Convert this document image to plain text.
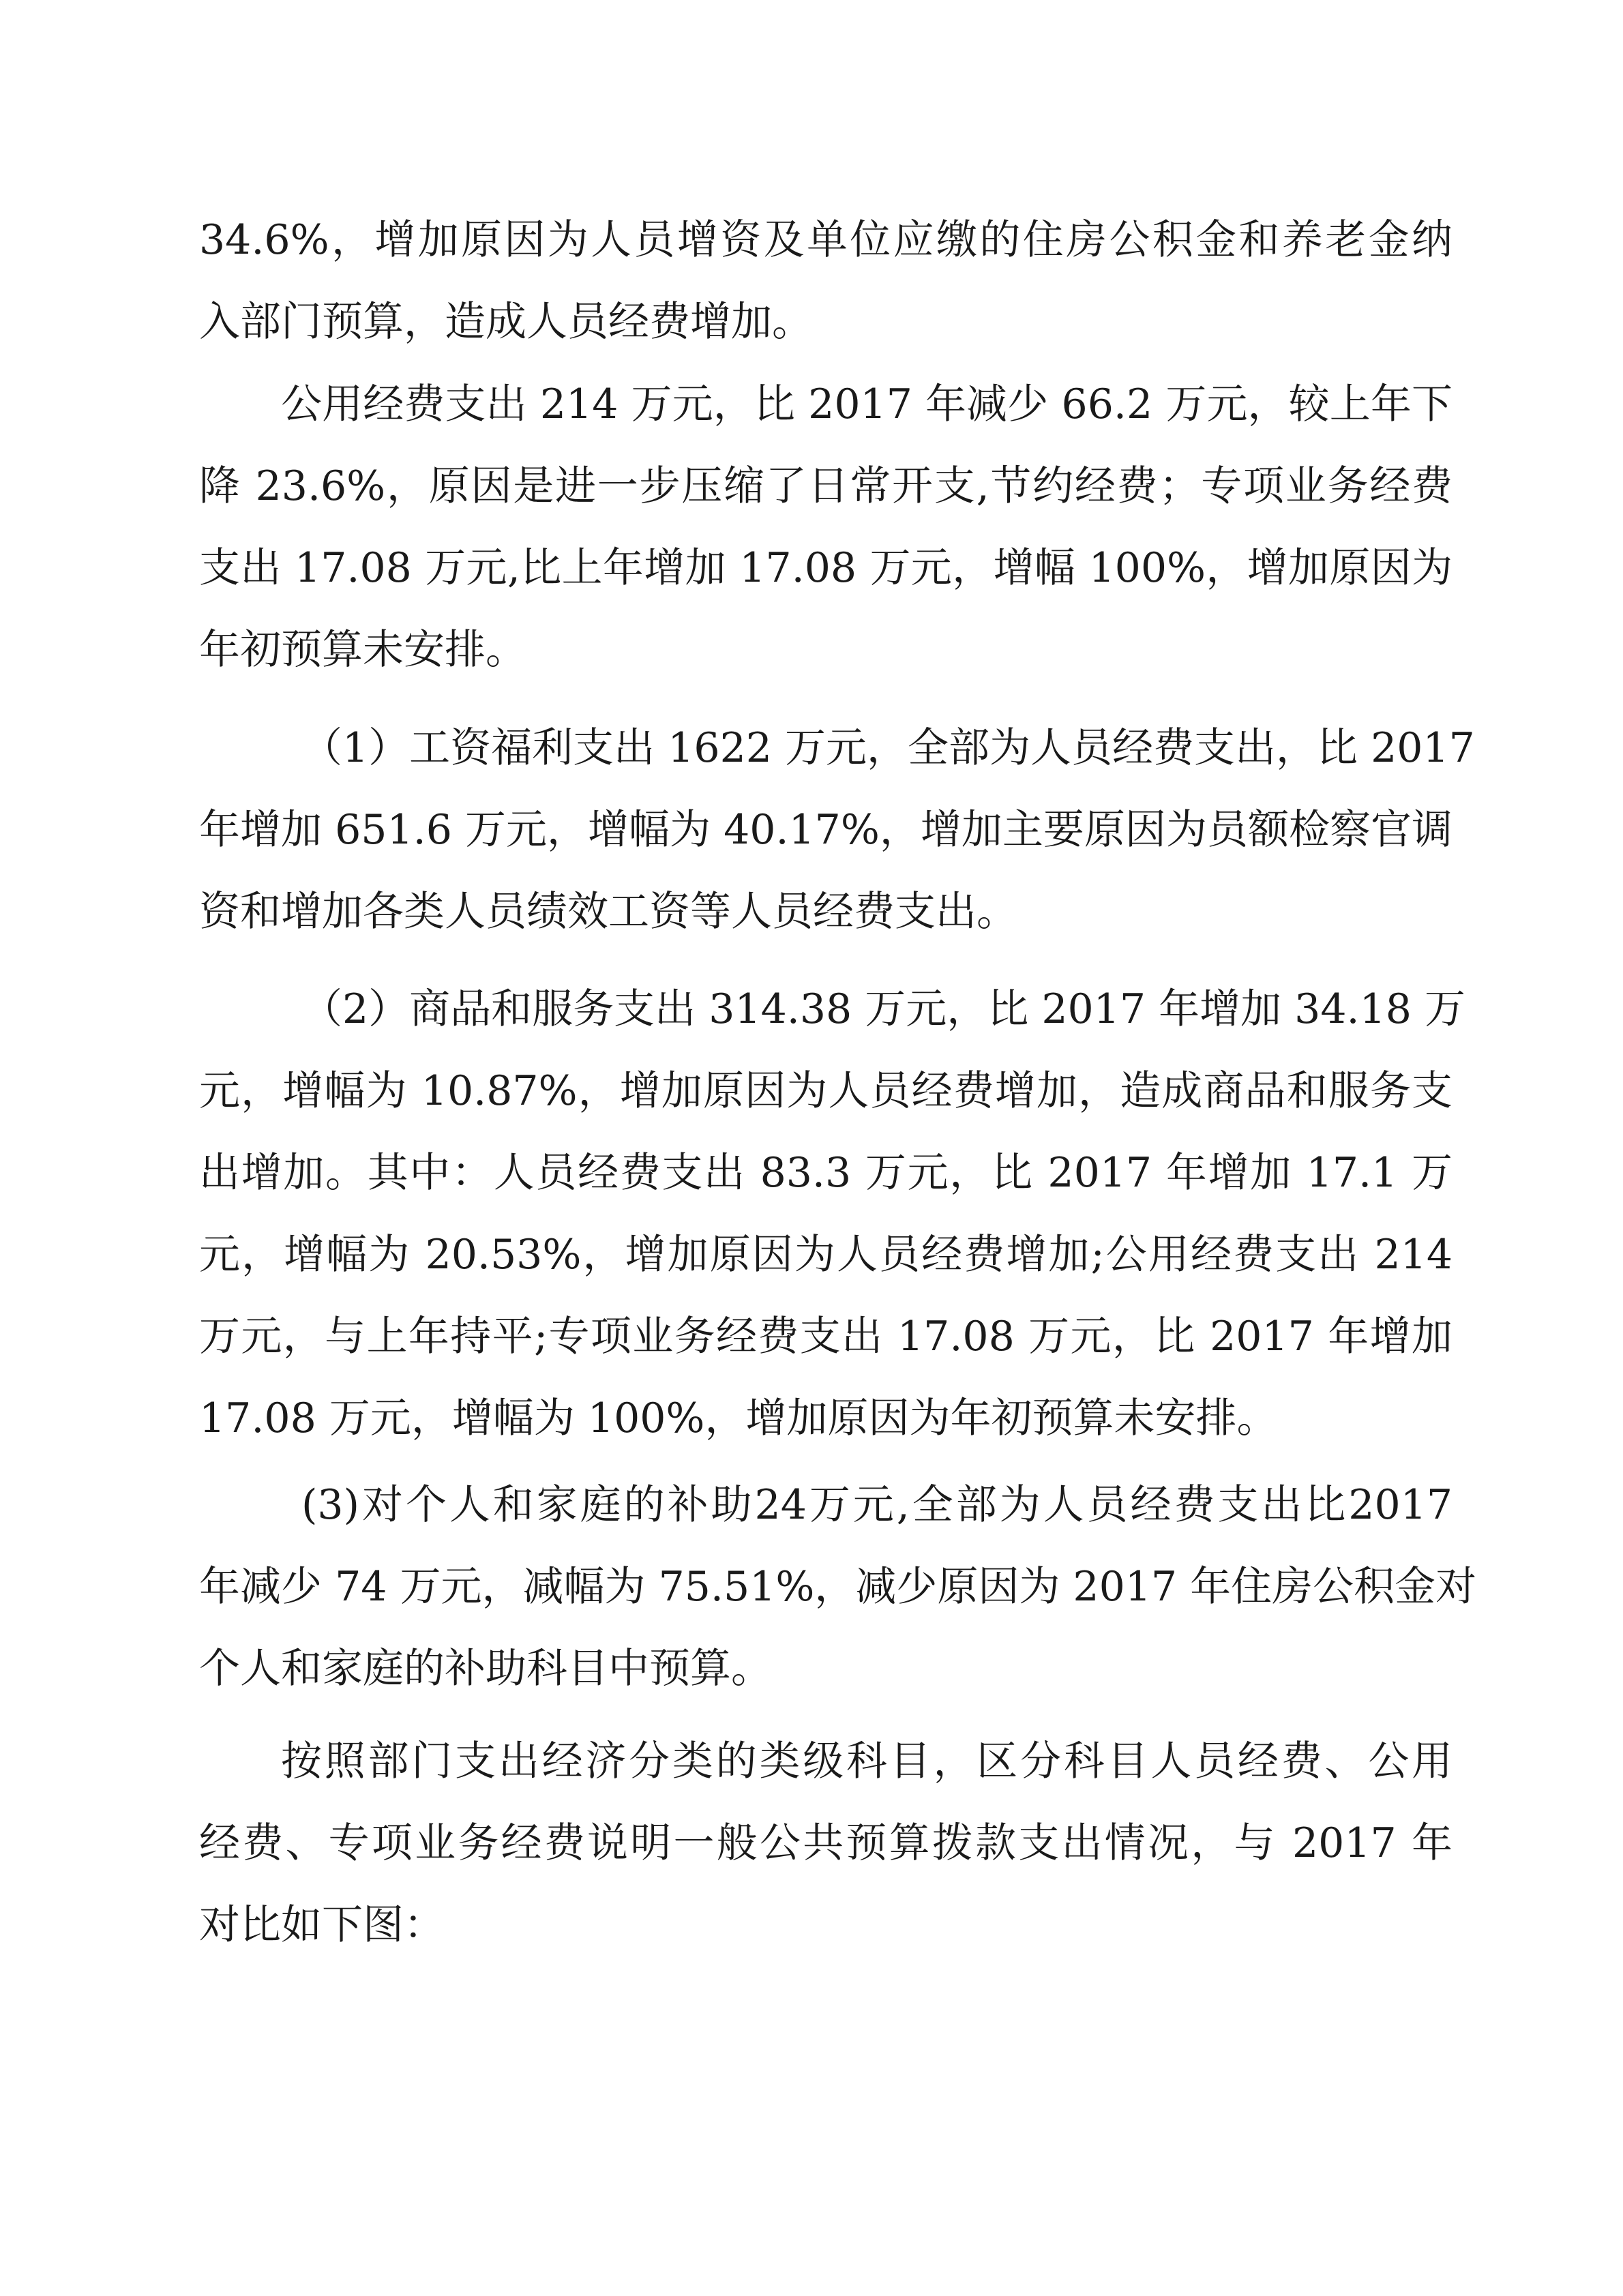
34.6%，增加原因为人员增资及单位应缴的住房公积金和养老金纳
入部门预算，造成人员经费增加。
公用经费支出 214 万元，比 2017 年减少 66.2 万元，较上年下
降 23.6%，原因是进一步压缩了日常开支,节约经费；专项业务经费
支出 17.08 万元,比上年增加 17.08 万元，增幅 100%，增加原因为
年初预算未安排。
（1）工资福利支出 1622 万元，全部为人员经费支出，比 2017
年增加 651.6 万元，增幅为 40.17%，增加主要原因为员额检察官调
资和增加各类人员绩效工资等人员经费支出。
（2）商品和服务支出 314.38 万元，比 2017 年增加 34.18 万
元，增幅为 10.87%，增加原因为人员经费增加，造成商品和服务支
出增加。其中：人员经费支出 83.3 万元，比 2017 年增加 17.1 万
元，增幅为 20.53%，增加原因为人员经费增加;公用经费支出 214
万元，与上年持平;专项业务经费支出 17.08 万元，比 2017 年增加
17.08 万元，增幅为 100%，增加原因为年初预算未安排。
(3)对个人和家庭的补助24万元,全部为人员经费支出比2017
年减少 74 万元，减幅为 75.51%，减少原因为 2017 年住房公积金对
个人和家庭的补助科目中预算。
按照部门支出经济分类的类级科目，区分科目人员经费、公用
经费、专项业务经费说明一般公共预算拨款支出情况，与 2017 年
对比如下图：
